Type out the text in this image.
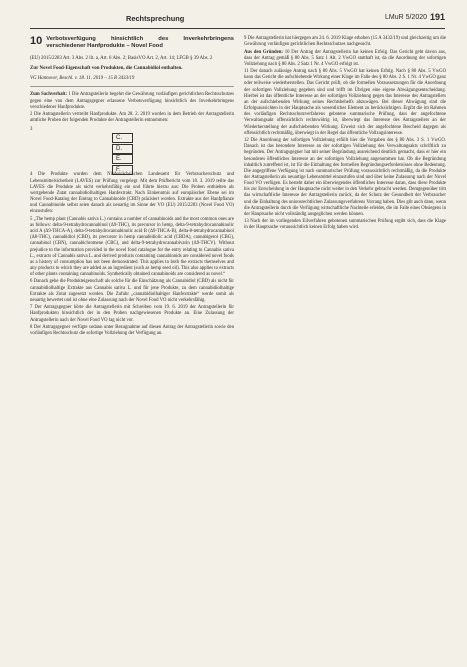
Rechtsprechung	LMuR 5/2020 191
10 Verbotsverfügung hinsichtlich des Inverkehrbringens verschiedener Hanfprodukte – Novel Food
(EU) 2015/2283 Art. 3 Abs. 2 lit. a, Art. 6 Abs. 2; BasisVO Art. 2, Art. 14; LFGB § 39 Abs. 2
Zur Novel Food-Eigenschaft von Produkten, die Cannabidiol enthalten.
VG Hannover, Beschl. v. 18. 11. 2019 – 15 B 3433/19

Zum Sachverhalt: 1 Die Antragstellerin begehrt die Gewährung vorläufigen gerichtlichen Rechtsschutzes gegen eine von dem Antragsgegner erlassene Verbotsverfügung hinsichtlich des Inverkehrbringens verschiedener Hanfprodukte.

2 Die Antragstellerin vertreibt Hanfprodukte. Am 28. 2. 2019 wurden in dem Betrieb der Antragstellerin amtliche Proben der folgenden Produkte der Antragstellerin entnommen:

3
C.
D.
E.
F.

4 Die Produkte wurden dem Niedersächsischen Landesamt für Verbraucherschutz und Lebensmittelsicherheit (LAVES) zur Prüfung vorgelegt. Mit dem Prüfbericht vom 18. 3. 2019 teilte das LAVES die Produkte als nicht verkehrsfähig ein und führte hierzu aus: Die Proben enthielten als wertgebende Zutat cannabidiolhaltigen Hanfextrakt. Nach Einkenntnis auf europäischer Ebene sei im Novel Food-Katalog der Eintrag to Cannabinoide (CBD) präzisiert worden. Extrakte aus der Hanfpflanze und Cannabinoide selbst seien danach als neuartig im Sinne der VO (EU) 2015/2283 (Novel Food VO) einzustufen:

5 „The hemp plant (Cannabis sativa L.) contains a number of cannabinoids and the most common ones are as follows: delta-9-tetrahydrocannabinol (Δ9-THC), its precursor in hemp, delta-9-tetrahydrocannabinolic acid A (Δ9-THCA-A), delta-9-tetrahydrocannabinolic acid B (Δ9-THCA-B), delta-8-tetrahydrocannabinol (Δ8-THC), cannabidiol (CBD), its precursor in hemp cannabidiolic acid (CBDA), cannabigerol (CBG), cannabinol (CBN), cannabichromene (CBC), and delta-9-tetrahydrocannabivarin (Δ9-THCV). Without prejudice to the information provided in the novel food catalogue for the entry relating to Cannabis sativa L., extracts of Cannabis sativa L. and derived products containing cannabinoids are considered novel foods as a history of consumption has not been demonstrated. This applies to both the extracts themselves and any products to which they are added as an ingredient (such as hemp seed oil). This also applies to extracts of other plants containing cannabinoids. Synthetically obtained cannabinoids are considered as novel.“

6 Danach gehe die Produkteigenschaft als solche für die Einschätzung als Cannabidiol (CBD) als nicht für cannabidiolhaltige Extrakte aus Cannabis sativa L. und für jene Produkte, zu dem cannabidiolhaltige Extrakte als Zutat zugesetzt worden. Die Zufuhr „cannabidiolhaltiger Hanfextrakte“ werde somit als neuartig bewertet und ist ohne eine Zulassung nach der Novel Food VO nicht verkehrsfähig.

7 Der Antragsgegner hörte die Antragstellerin mit Schreiben vom 19. 6. 2019 der Antragstellerin für Hanfprodukten hinsichtlich der in den Proben nachgewiesenen Produkte an. Eine Zulassung der Antragstellerin nach der Novel Food VO lag nicht vor.

8 Der Antragsgegner verfügte sodann unter Bezugnahme auf diesen Antrag der Antragstellerin sowie den vorläufigen Rechtsschutz die sofortige Vollziehung der Verfügung an.

9 Die Antragstellerin hat hiergegen am 24. 6. 2019 Klage erhoben (15 A 3432/19) und gleichzeitig um die Gewährung vorläufigen gerichtlichen Rechtsschutzes nachgesucht.

Aus den Gründen: 10 Der Antrag der Antragstellerin hat keinen Erfolg. Das Gericht geht davon aus, dass der Antrag gemäß § 80 Abs. 5 Satz 1 Alt. 2 VwGO statthaft ist, da die Anordnung der sofortigen Vollziehung nach § 80 Abs. 2 Satz 1 Nr. 4 VwGO erfolgt ist.

11 Der danach zulässige Antrag nach § 80 Abs. 5 VwGO hat keinen Erfolg. Nach § 80 Abs. 5 VwGO kann das Gericht die aufschiebende Wirkung einer Klage im Falle des § 80 Abs. 2 S. 1 Nr. 4 VwGO ganz oder teilweise wiederherstellen. Das Gericht prüft, ob die formellen Voraussetzungen für die Anordnung der sofortigen Vollziehung gegeben sind und trifft im Übrigen eine eigene Abwägungsentscheidung. Hierbei ist das öffentliche Interesse an der sofortigen Vollziehung gegen das Interesse des Antragstellers an der aufschiebenden Wirkung seines Rechtsbehelfs abzuwägen. Bei dieser Abwägung sind die Erfolgsaussichten in der Hauptsache als wesentliches Element zu berücksichtigen. Ergibt die im Rahmen des vorläufigen Rechtsschutzverfahrens gebotene summarische Prüfung, dass der angefochtene Verwaltungsakt offensichtlich rechtswidrig ist, überwiegt das Interesse des Antragstellers an der Wiederherstellung der aufschiebenden Wirkung. Erweist sich der angefochtene Bescheid dagegen als offensichtlich rechtmäßig, überwiegt in der Regel das öffentliche Vollzugsinteresse.

12 Die Anordnung der sofortigen Vollziehung erfüllt hier die Vorgaben des § 80 Abs. 3 S. 1 VwGO. Danach ist das besondere Interesse an der sofortigen Vollziehung des Verwaltungsakts schriftlich zu begründen. Der Antragsgegner hat mit seiner Begründung ausreichend deutlich gemacht, dass er hier ein besonderes öffentliches Interesse an der sofortigen Vollziehung angenommen hat. Ob die Begründung inhaltlich zutreffend ist, ist für die Einhaltung des formellen Begründungserfordernisses ohne Bedeutung. Die angegriffene Verfügung ist nach summarischer Prüfung voraussichtlich rechtmäßig, da die Produkte der Antragstellerin als neuartige Lebensmittel einzustufen sind und über keine Zulassung nach der Novel Food VO verfügen. Es besteht daher ein überwiegendes öffentliches Interesse daran, dass diese Produkte bis zur Entscheidung in der Hauptsache nicht weiter in den Verkehr gebracht werden. Demgegenüber tritt das wirtschaftliche Interesse der Antragstellerin zurück, da der Schutz der Gesundheit der Verbraucher und die Einhaltung des unionsrechtlichen Zulassungsverfahrens Vorrang haben. Dies gilt auch dann, wenn die Antragstellerin durch die Verfügung wirtschaftliche Nachteile erleidet, die im Falle eines Obsiegens in der Hauptsache nicht vollständig ausgeglichen werden können.

13 Nach der im vorliegenden Eilverfahren gebotenen summarischen Prüfung ergibt sich, dass die Klage in der Hauptsache voraussichtlich keinen Erfolg haben wird.
